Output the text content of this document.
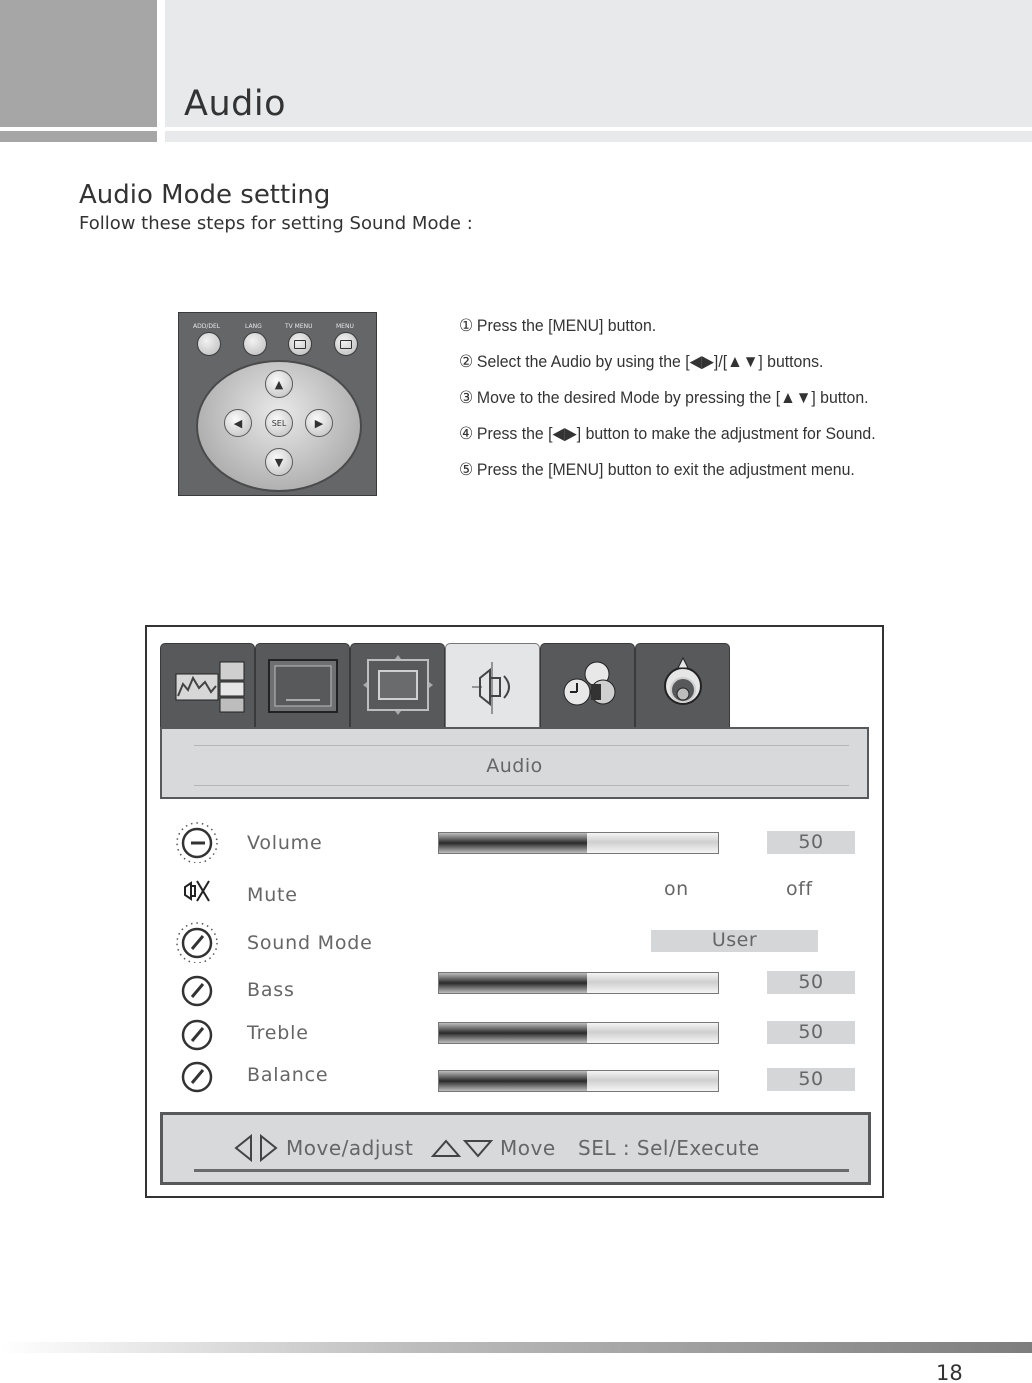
Audio
Audio Mode setting
Follow these steps for setting Sound Mode :
ADD/DEL	LANG	TV MENU	MENU
▲
◀	SEL	▶
▼
① Press the [MENU] button.
② Select the Audio by using the [◀▶]/[▲▼] buttons.
③ Move to the desired Mode by pressing the [▲▼] button.
④ Press the [◀▶] button to make the adjustment for Sound.
⑤ Press the [MENU] button to exit the adjustment menu.
Audio
Volume	50
Mute	on	off
Sound Mode	User
Bass	50
Treble	50
Balance	50
Move/adjust	Move SEL : Sel/Execute
18
